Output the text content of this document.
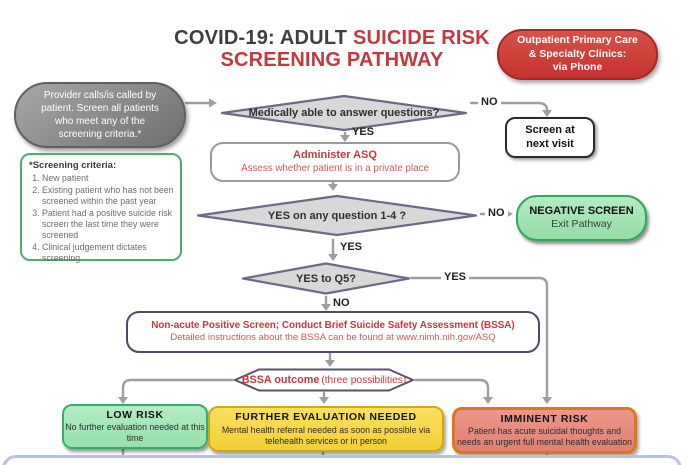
COVID-19: ADULT SUICIDE RISK
SCREENING PATHWAY
Outpatient Primary Care
& Specialty Clinics:
via Phone
Provider calls/is called by patient. Screen all patients who meet any of the screening criteria.*
*Screening criteria:
1. New patient
2. Existing patient who has not been screened within the past year
3. Patient had a positive suicide risk screen the last time they were screened
4. Clinical judgement dictates screening
Medically able to answer questions?
Screen at
next visit
Administer ASQ
Assess whether patient is in a private place
YES on any question 1-4 ?	NEGATIVE SCREEN
Exit Pathway
YES to Q5?
Non-acute Positive Screen; Conduct Brief Suicide Safety Assessment (BSSA)
Detailed instructions about the BSSA can be found at www.nimh.nih.gov/ASQ
BSSA outcome (three possibilities)
LOW RISK
No further evaluation needed at this time
FURTHER EVALUATION NEEDED
Mental health referral needed as soon as possible via telehealth services or in person
IMMINENT RISK
Patient has acute suicidal thoughts and needs an urgent full mental health evaluation
YES
NO
YES
NO
YES
NO
